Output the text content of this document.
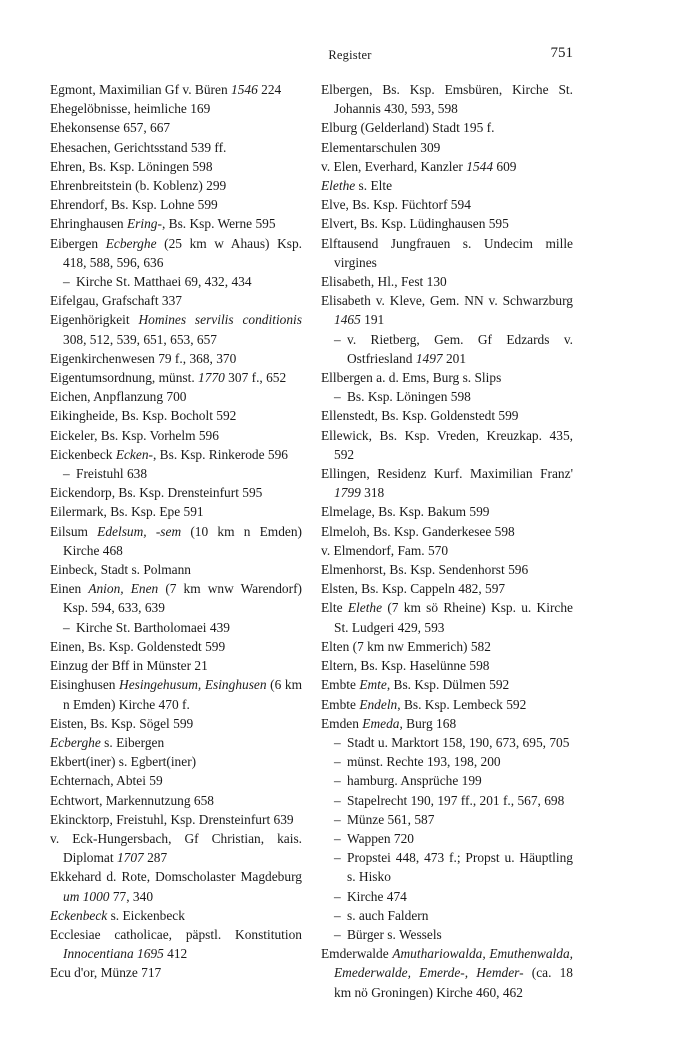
Register	751
Egmont, Maximilian Gf v. Büren 1546 224
Ehegelöbnisse, heimliche 169
Ehekonsense 657, 667
Ehesachen, Gerichtsstand 539 ff.
Ehren, Bs. Ksp. Löningen 598
Ehrenbreitstein (b. Koblenz) 299
Ehrendorf, Bs. Ksp. Lohne 599
Ehringhausen Ering-, Bs. Ksp. Werne 595
Eibergen Ecberghe (25 km w Ahaus) Ksp. 418, 588, 596, 636
– Kirche St. Matthaei 69, 432, 434
Eifelgau, Grafschaft 337
Eigenhörigkeit Homines servilis conditionis 308, 512, 539, 651, 653, 657
Eigenkirchenwesen 79 f., 368, 370
Eigentumsordnung, münst. 1770 307 f., 652
Eichen, Anpflanzung 700
Eikingheide, Bs. Ksp. Bocholt 592
Eickeler, Bs. Ksp. Vorhelm 596
Eickenbeck Ecken-, Bs. Ksp. Rinkerode 596
– Freistuhl 638
Eickendorp, Bs. Ksp. Drensteinfurt 595
Eilermark, Bs. Ksp. Epe 591
Eilsum Edelsum, -sem (10 km n Emden) Kirche 468
Einbeck, Stadt s. Polmann
Einen Anion, Enen (7 km wnw Warendorf) Ksp. 594, 633, 639
– Kirche St. Bartholomaei 439
Einen, Bs. Ksp. Goldenstedt 599
Einzug der Bff in Münster 21
Eisinghusen Hesingehusum, Esinghusen (6 km n Emden) Kirche 470 f.
Eisten, Bs. Ksp. Sögel 599
Ecberghe s. Eibergen
Ekbert(iner) s. Egbert(iner)
Echternach, Abtei 59
Echtwort, Markennutzung 658
Ekincktorp, Freistuhl, Ksp. Drensteinfurt 639
v. Eck-Hungersbach, Gf Christian, kais. Diplomat 1707 287
Ekkehard d. Rote, Domscholaster Magdeburg um 1000 77, 340
Eckenbeck s. Eickenbeck
Ecclesiae catholicae, päpstl. Konstitution Innocentiana 1695 412
Ecu d'or, Münze 717
Elbergen, Bs. Ksp. Emsbüren, Kirche St. Johannis 430, 593, 598
Elburg (Gelderland) Stadt 195 f.
Elementarschulen 309
v. Elen, Everhard, Kanzler 1544 609
Elethe s. Elte
Elve, Bs. Ksp. Füchtorf 594
Elvert, Bs. Ksp. Lüdinghausen 595
Elftausend Jungfrauen s. Undecim mille virgines
Elisabeth, Hl., Fest 130
Elisabeth v. Kleve, Gem. NN v. Schwarzburg 1465 191
– v. Rietberg, Gem. Gf Edzards v. Ostfriesland 1497 201
Ellbergen a. d. Ems, Burg s. Slips
– Bs. Ksp. Löningen 598
Ellenstedt, Bs. Ksp. Goldenstedt 599
Ellewick, Bs. Ksp. Vreden, Kreuzkap. 435, 592
Ellingen, Residenz Kurf. Maximilian Franz' 1799 318
Elmelage, Bs. Ksp. Bakum 599
Elmeloh, Bs. Ksp. Ganderkesee 598
v. Elmendorf, Fam. 570
Elmenhorst, Bs. Ksp. Sendenhorst 596
Elsten, Bs. Ksp. Cappeln 482, 597
Elte Elethe (7 km sö Rheine) Ksp. u. Kirche St. Ludgeri 429, 593
Elten (7 km nw Emmerich) 582
Eltern, Bs. Ksp. Haselünne 598
Embte Emte, Bs. Ksp. Dülmen 592
Embte Endeln, Bs. Ksp. Lembeck 592
Emden Emeda, Burg 168
– Stadt u. Marktort 158, 190, 673, 695, 705
– münst. Rechte 193, 198, 200
– hamburg. Ansprüche 199
– Stapelrecht 190, 197 ff., 201 f., 567, 698
– Münze 561, 587
– Wappen 720
– Propstei 448, 473 f.; Propst u. Häuptling s. Hisko
– Kirche 474
– s. auch Faldern
– Bürger s. Wessels
Emderwalde Amuthariowalda, Emuthenwalda, Emederwalde, Emerde-, Hemder- (ca. 18 km nö Groningen) Kirche 460, 462
